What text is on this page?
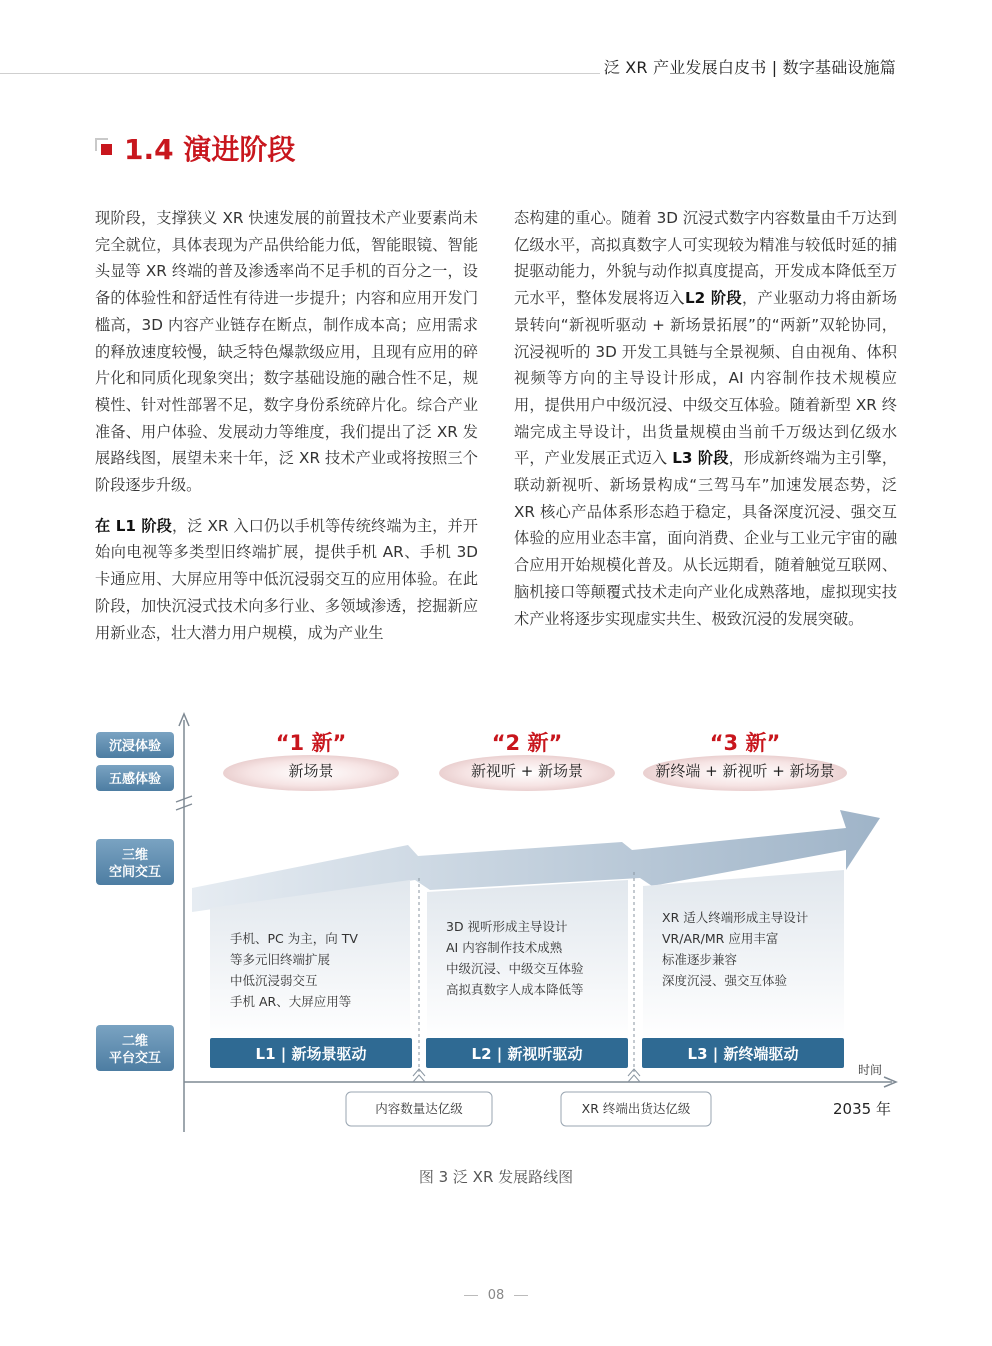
泛 XR 产业发展白皮书 | 数字基础设施篇
1.4 演进阶段

现阶段，支撑狭义 XR 快速发展的前置技术产业要素尚未完全就位，具体表现为产品供给能力低，智能眼镜、智能头显等 XR 终端的普及渗透率尚不足手机的百分之一，设备的体验性和舒适性有待进一步提升；内容和应用开发门槛高，3D 内容产业链存在断点，制作成本高；应用需求的释放速度较慢，缺乏特色爆款级应用，且现有应用的碎片化和同质化现象突出；数字基础设施的融合性不足，规模性、针对性部署不足，数字身份系统碎片化。综合产业准备、用户体验、发展动力等维度，我们提出了泛 XR 发展路线图，展望未来十年，泛 XR 技术产业或将按照三个阶段逐步升级。

在 L1 阶段，泛 XR 入口仍以手机等传统终端为主，并开始向电视等多类型旧终端扩展，提供手机 AR、手机 3D 卡通应用、大屏应用等中低沉浸弱交互的应用体验。在此阶段，加快沉浸式技术向多行业、多领域渗透，挖掘新应用新业态，壮大潜力用户规模，成为产业生

态构建的重心。随着 3D 沉浸式数字内容数量由千万达到亿级水平，高拟真数字人可实现较为精准与较低时延的捕捉驱动能力，外貌与动作拟真度提高，开发成本降低至万元水平，整体发展将迈入L2 阶段，产业驱动力将由新场景转向“新视听驱动 + 新场景拓展”的“两新”双轮协同，沉浸视听的 3D 开发工具链与全景视频、自由视角、体积视频等方向的主导设计形成，AI 内容制作技术规模应用，提供用户中级沉浸、中级交互体验。随着新型 XR 终端完成主导设计，出货量规模由当前千万级达到亿级水平，产业发展正式迈入 L3 阶段，形成新终端为主引擎，联动新视听、新场景构成“三驾马车”加速发展态势，泛 XR 核心产品体系形态趋于稳定，具备深度沉浸、强交互体验的应用业态丰富，面向消费、企业与工业元宇宙的融合应用开始规模化普及。从长远期看，随着触觉互联网、脑机接口等颠覆式技术走向产业化成熟落地，虚拟现实技术产业将逐步实现虚实共生、极致沉浸的发展突破。

沉浸体验
五感体验
三维
空间交互
二维
平台交互
“1 新”	“2 新”	“3 新”
新场景	新视听 + 新场景	新终端 + 新视听 + 新场景
手机、PC 为主，向 TV
等多元旧终端扩展
中低沉浸弱交互
手机 AR、大屏应用等
3D 视听形成主导设计
AI 内容制作技术成熟
中级沉浸、中级交互体验
高拟真数字人成本降低等
XR 适人终端形成主导设计
VR/AR/MR 应用丰富
标准逐步兼容
深度沉浸、强交互体验
L1 | 新场景驱动	L2 | 新视听驱动	L3 | 新终端驱动
时间
2035 年
内容数量达亿级	XR 终端出货达亿级
图 3 泛 XR 发展路线图
08
